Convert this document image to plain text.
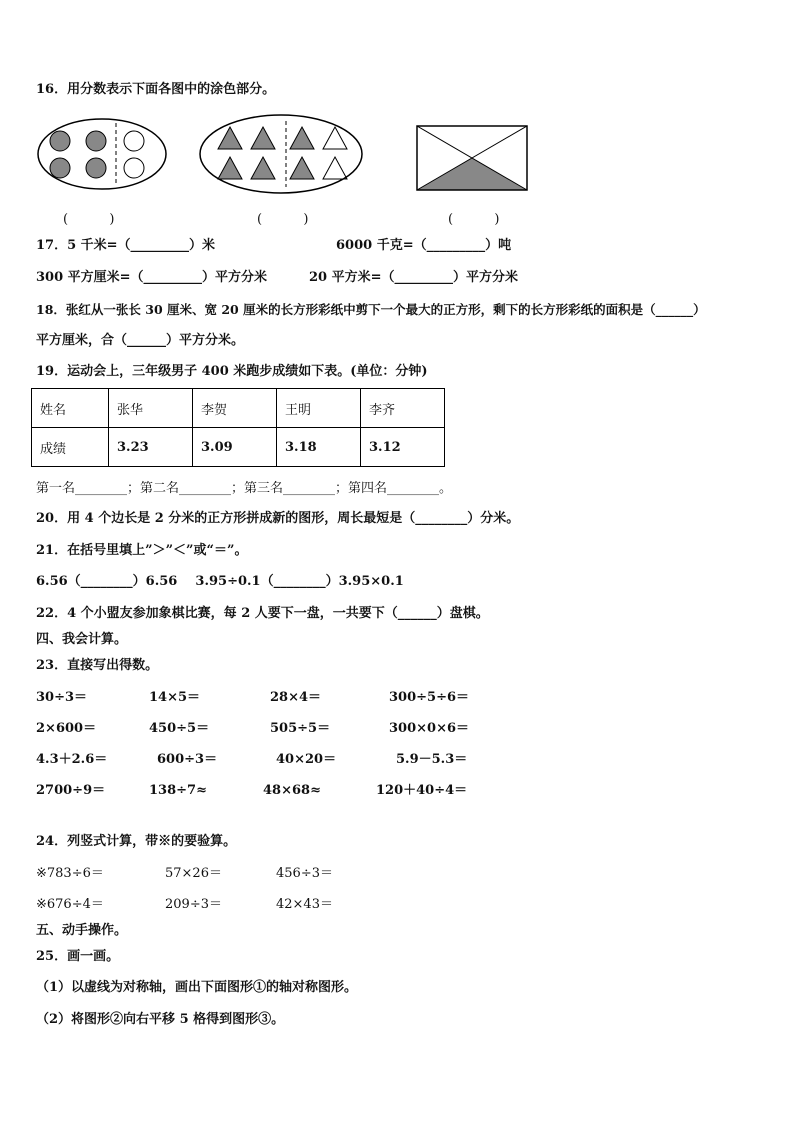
16．用分数表示下面各图中的涂色部分。
(          )	(          )	(          )
17．5 千米=（_________）米	6000 千克=（_________）吨
300 平方厘米=（_________）平方分米	20 平方米=（_________）平方分米
18．张红从一张长 30 厘米、宽 20 厘米的长方形彩纸中剪下一个最大的正方形，剩下的长方形彩纸的面积是（______）
平方厘米，合（______）平方分米。
19．运动会上，三年级男子 400 米跑步成绩如下表。(单位：分钟)
姓名	张华	李贺	王明	李齐
成绩	3.23	3.09	3.18	3.12
第一名________；第二名________；第三名________；第四名________。
20．用 4 个边长是 2 分米的正方形拼成新的图形，周长最短是（________）分米。
21．在括号里填上”＞”＜”或“＝”。
6.56（________）6.56    3.95÷0.1（________）3.95×0.1
22．4 个小盟友参加象棋比赛，每 2 人要下一盘，一共要下（______）盘棋。
四、我会计算。
23．直接写出得数。
30÷3＝	14×5＝	28×4＝	300÷5÷6＝
2×600＝	450÷5＝	505÷5＝	300×0×6＝
4.3＋2.6＝	600÷3＝	40×20＝	5.9－5.3＝
2700÷9＝	138÷7≈	48×68≈	120＋40÷4＝
24．列竖式计算，带※的要验算。
※783÷6＝	57×26＝	456÷3＝
※676÷4＝	209÷3＝	42×43＝
五、动手操作。
25．画一画。
（1）以虚线为对称轴，画出下面图形①的轴对称图形。
（2）将图形②向右平移 5 格得到图形③。
